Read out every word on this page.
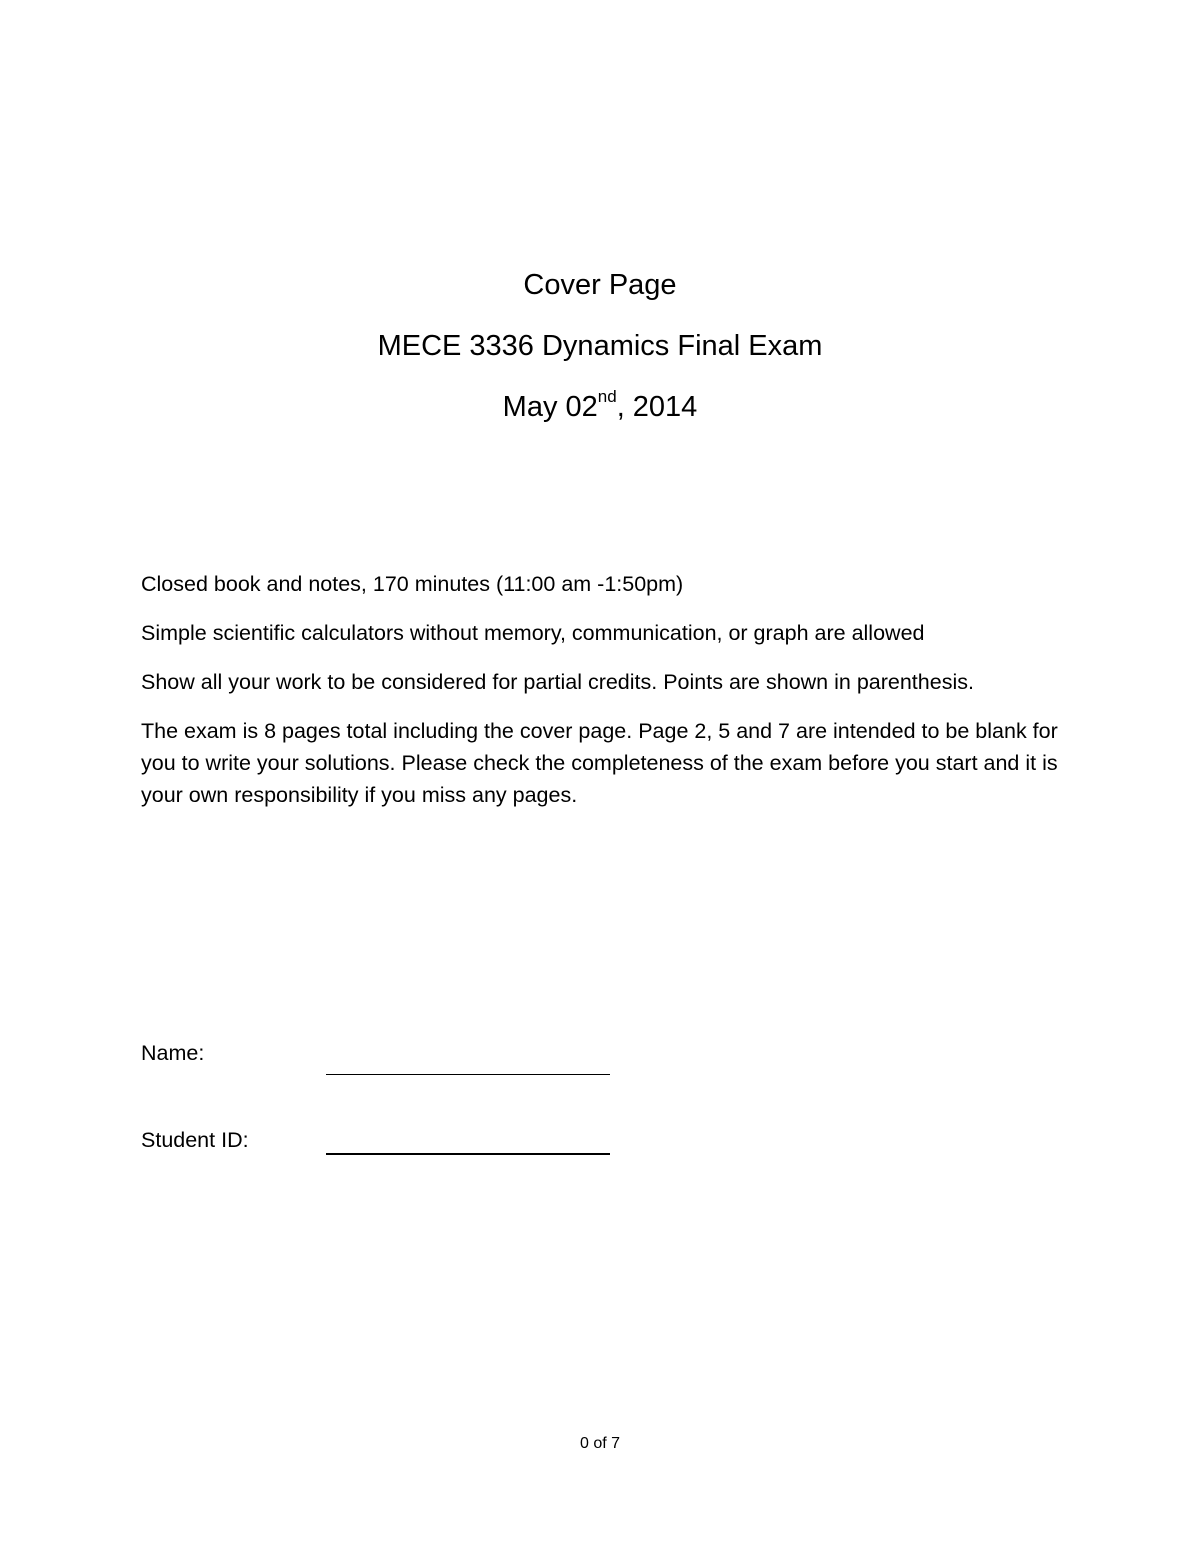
Cover Page
MECE 3336 Dynamics Final Exam
May 02nd, 2014

Closed book and notes, 170 minutes (11:00 am -1:50pm)

Simple scientific calculators without memory, communication, or graph are allowed

Show all your work to be considered for partial credits. Points are shown in parenthesis.

The exam is 8 pages total including the cover page. Page 2, 5 and 7 are intended to be blank for you to write your solutions. Please check the completeness of the exam before you start and it is your own responsibility if you miss any pages.

Name:
Student ID:
0 of 7
